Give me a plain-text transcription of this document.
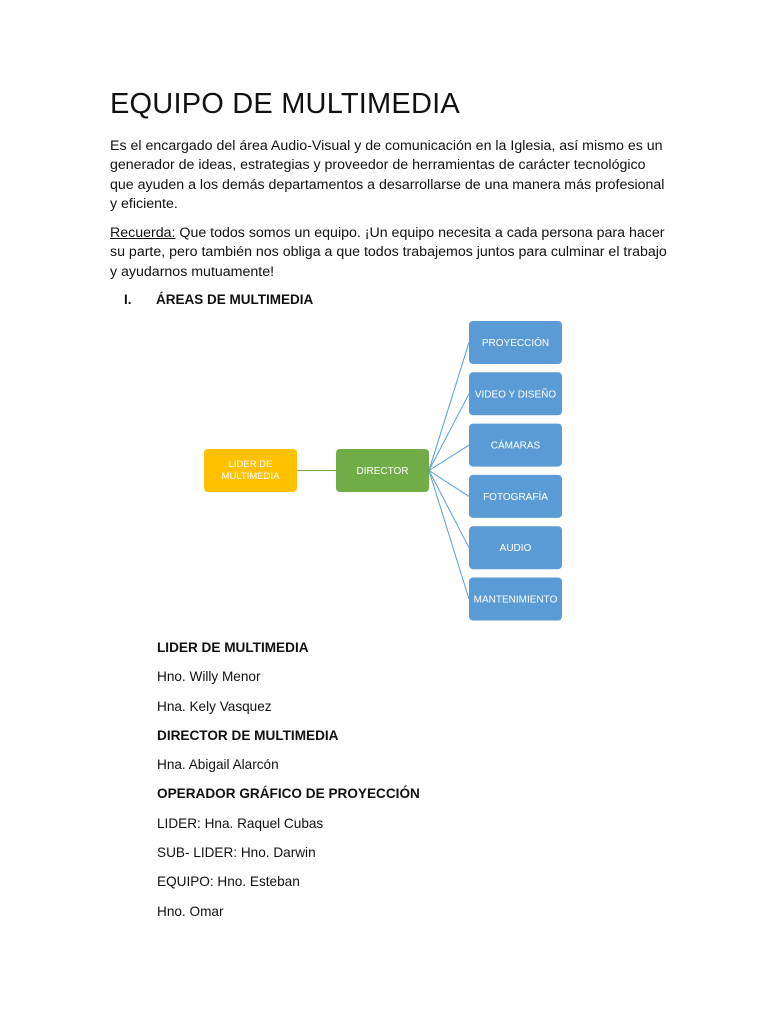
EQUIPO DE MULTIMEDIA

Es el encargado del área Audio-Visual y de comunicación en la Iglesia, así mismo es un generador de ideas, estrategias y proveedor de herramientas de carácter tecnológico que ayuden a los demás departamentos a desarrollarse de una manera más profesional y eficiente.

Recuerda: Que todos somos un equipo. ¡Un equipo necesita a cada persona para hacer su parte, pero también nos obliga a que todos trabajemos juntos para culminar el trabajo y ayudarnos mutuamente!

I. ÁREAS DE MULTIMEDIA
LIDER DE
MULTIMEDIA	DIRECTOR
PROYECCIÓN
VIDEO Y DISEÑO
CÁMARAS
FOTOGRAFÍA
AUDIO
MANTENIMIENTO
LIDER DE MULTIMEDIA
Hno. Willy Menor
Hna. Kely Vasquez
DIRECTOR DE MULTIMEDIA
Hna. Abigail Alarcón
OPERADOR GRÁFICO DE PROYECCIÓN
LIDER: Hna. Raquel Cubas
SUB- LIDER: Hno. Darwin
EQUIPO: Hno. Esteban
Hno. Omar
